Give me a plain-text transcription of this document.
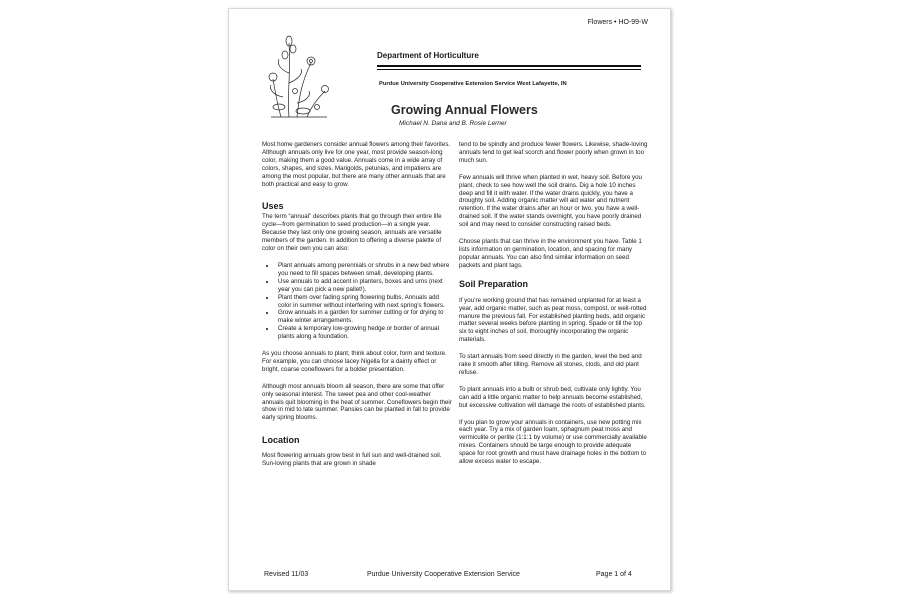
Flowers • HO-99-W
Department of Horticulture
Purdue University Cooperative Extension Service West Lafayette, IN
Growing Annual Flowers
Michael N. Dana and B. Rosie Lerner

Most home gardeners consider annual flowers among their favorites. Although annuals only live for one year, most provide season-long color, making them a good value. Annuals come in a wide array of colors, shapes, and sizes. Marigolds, petunias, and impatiens are among the most popular, but there are many other annuals that are both practical and easy to grow.

Uses

The term “annual” describes plants that go through their entire life cycle—from germination to seed production—in a single year. Because they last only one growing season, annuals are versatile members of the garden. In addition to offering a diverse palette of color on their own you can also:

• Plant annuals among perennials or shrubs in a new bed where you need to fill spaces between small, developing plants.
• Use annuals to add accent in planters, boxes and urns (next year you can pick a new pallet!).
• Plant them over fading spring flowering bulbs. Annuals add color in summer without interfering with next spring’s flowers.
• Grow annuals in a garden for summer cutting or for drying to make winter arrangements.
• Create a temporary low-growing hedge or border of annual plants along a foundation.

As you choose annuals to plant, think about color, form and texture. For example, you can choose lacey Nigella for a dainty effect or bright, coarse coneflowers for a bolder presentation.

Although most annuals bloom all season, there are some that offer only seasonal interest. The sweet pea and other cool-weather annuals quit blooming in the heat of summer. Coneflowers begin their show in mid to late summer. Pansies can be planted in fall to provide early spring blooms.

Location

Most flowering annuals grow best in full sun and well-drained soil. Sun-loving plants that are grown in shade

tend to be spindly and produce fewer flowers. Likewise, shade-loving annuals tend to get leaf scorch and flower poorly when grown in too much sun.

Few annuals will thrive when planted in wet, heavy soil. Before you plant, check to see how well the soil drains. Dig a hole 10 inches deep and fill it with water. If the water drains quickly, you have a droughty soil. Adding organic matter will aid water and nutrient retention. If the water drains after an hour or two, you have a well-drained soil. If the water stands overnight, you have poorly drained soil and may need to consider constructing raised beds.

Choose plants that can thrive in the environment you have. Table 1 lists information on germination, location, and spacing for many popular annuals. You can also find similar information on seed packets and plant tags.

Soil Preparation

If you’re working ground that has remained unplanted for at least a year, add organic matter, such as peat moss, compost, or well-rotted manure the previous fall. For established planting beds, add organic matter several weeks before planting in spring. Spade or till the top six to eight inches of soil, thoroughly incorporating the organic materials.

To start annuals from seed directly in the garden, level the bed and rake it smooth after tilling. Remove all stones, clods, and old plant refuse.

To plant annuals into a bulb or shrub bed, cultivate only lightly. You can add a little organic matter to help annuals become established, but excessive cultivation will damage the roots of established plants.

If you plan to grow your annuals in containers, use new potting mix each year. Try a mix of garden loam, sphagnum peat moss and vermiculite or perlite (1:1:1 by volume) or use commercially available mixes. Containers should be large enough to provide adequate space for root growth and must have drainage holes in the bottom to allow excess water to escape.

Revised 11/03	Purdue University Cooperative Extension Service	Page 1 of 4
